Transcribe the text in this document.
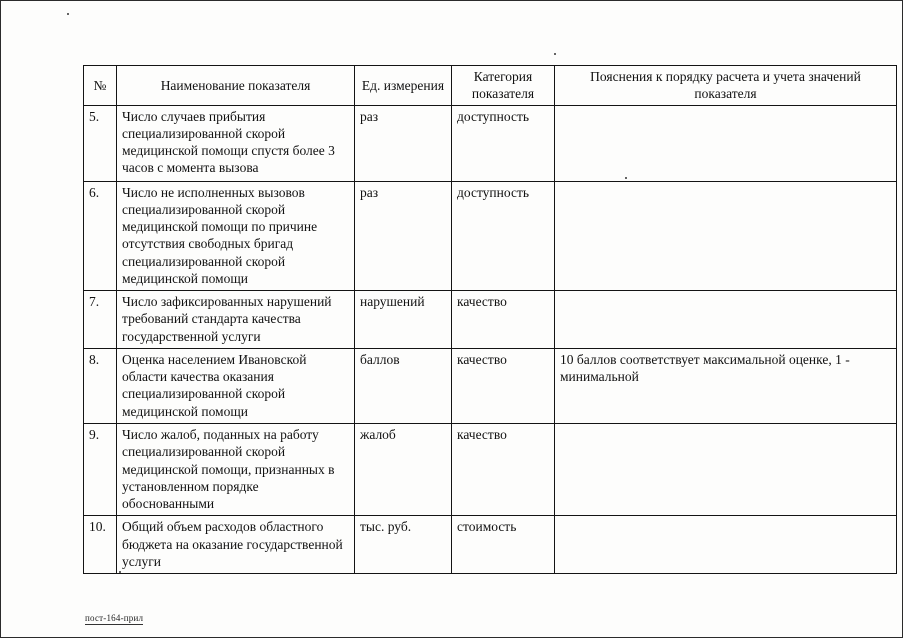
№	Наименование показателя	Ед. измерения	Категория показателя	Пояснения к порядку расчета и учета значений показателя
5.	Число случаев прибытия специализированной скорой медицинской помощи спустя более 3 часов с момента вызова	раз	доступность	
6.	Число не исполненных вызовов специализированной скорой медицинской помощи по причине отсутствия свободных бригад специализированной скорой медицинской помощи	раз	доступность	
7.	Число зафиксированных нарушений требований стандарта качества государственной услуги	нарушений	качество	
8.	Оценка населением Ивановской области качества оказания специализированной скорой медицинской помощи	баллов	качество	10 баллов соответствует максимальной оценке, 1 - минимальной
9.	Число жалоб, поданных на работу специализированной скорой медицинской помощи, признанных в установленном порядке обоснованными	жалоб	качество	
10.	Общий объем расходов областного бюджета на оказание государственной услуги	тыс. руб.	стоимость	
пост-164-прил
